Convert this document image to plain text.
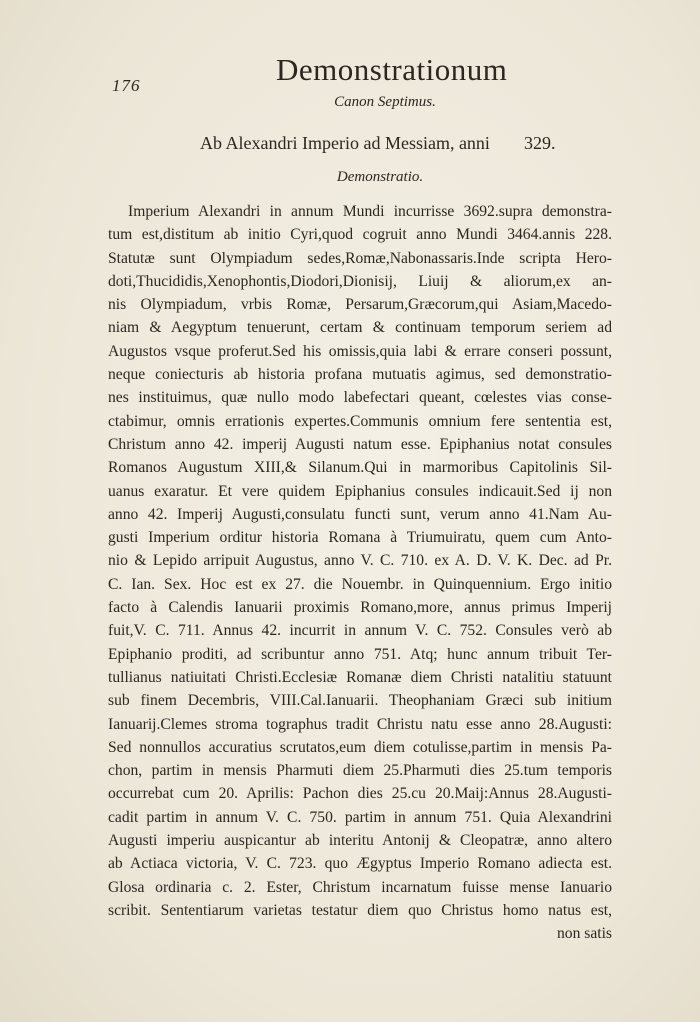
176	Demonstrationum
Canon Septimus.
Ab Alexandri Imperio ad Messiam, anni 329.
Demonstratio.
Imperium Alexandri in annum Mundi incurrisse 3692.supra demonstra-
tum est,distitum ab initio Cyri,quod cogruit anno Mundi 3464.annis 228.
Statutæ sunt Olympiadum sedes,Romæ,Nabonassaris.Inde scripta Hero-
doti,Thucididis,Xenophontis,Diodori,Dionisij, Liuij & aliorum,ex an-
nis Olympiadum, vrbis Romæ, Persarum,Græcorum,qui Asiam,Macedo-
niam & Aegyptum tenuerunt, certam & continuam temporum seriem ad
Augustos vsque proferut.Sed his omissis,quia labi & errare conseri possunt,
neque coniecturis ab historia profana mutuatis agimus, sed demonstratio-
nes instituimus, quæ nullo modo labefectari queant, cœlestes vias conse-
ctabimur, omnis errationis expertes.Communis omnium fere sententia est,
Christum anno 42. imperij Augusti natum esse. Epiphanius notat consules
Romanos Augustum XIII,& Silanum.Qui in marmoribus Capitolinis Sil-
uanus exaratur. Et vere quidem Epiphanius consules indicauit.Sed ij non
anno 42. Imperij Augusti,consulatu functi sunt, verum anno 41.Nam Au-
gusti Imperium orditur historia Romana à Triumuiratu, quem cum Anto-
nio & Lepido arripuit Augustus, anno V. C. 710. ex A. D. V. K. Dec. ad Pr.
C. Ian. Sex. Hoc est ex 27. die Nouembr. in Quinquennium. Ergo initio
facto à Calendis Ianuarii proximis Romano,more, annus primus Imperij
fuit,V. C. 711. Annus 42. incurrit in annum V. C. 752. Consules verò ab
Epiphanio proditi, ad scribuntur anno 751. Atq; hunc annum tribuit Ter-
tullianus natiuitati Christi.Ecclesiæ Romanæ diem Christi natalitiu statuunt
sub finem Decembris, VIII.Cal.Ianuarii. Theophaniam Græci sub initium
Ianuarij.Clemes stroma tographus tradit Christu natu esse anno 28.Augusti:
Sed nonnullos accuratius scrutatos,eum diem cotulisse,partim in mensis Pa-
chon, partim in mensis Pharmuti diem 25.Pharmuti dies 25.tum temporis
occurrebat cum 20. Aprilis: Pachon dies 25.cu 20.Maij:Annus 28.Augusti-
cadit partim in annum V. C. 750. partim in annum 751. Quia Alexandrini
Augusti imperiu auspicantur ab interitu Antonij & Cleopatræ, anno altero
ab Actiaca victoria, V. C. 723. quo Ægyptus Imperio Romano adiecta est.
Glosa ordinaria c. 2. Ester, Christum incarnatum fuisse mense Ianuario
scribit. Sententiarum varietas testatur diem quo Christus homo natus est,
non satis
